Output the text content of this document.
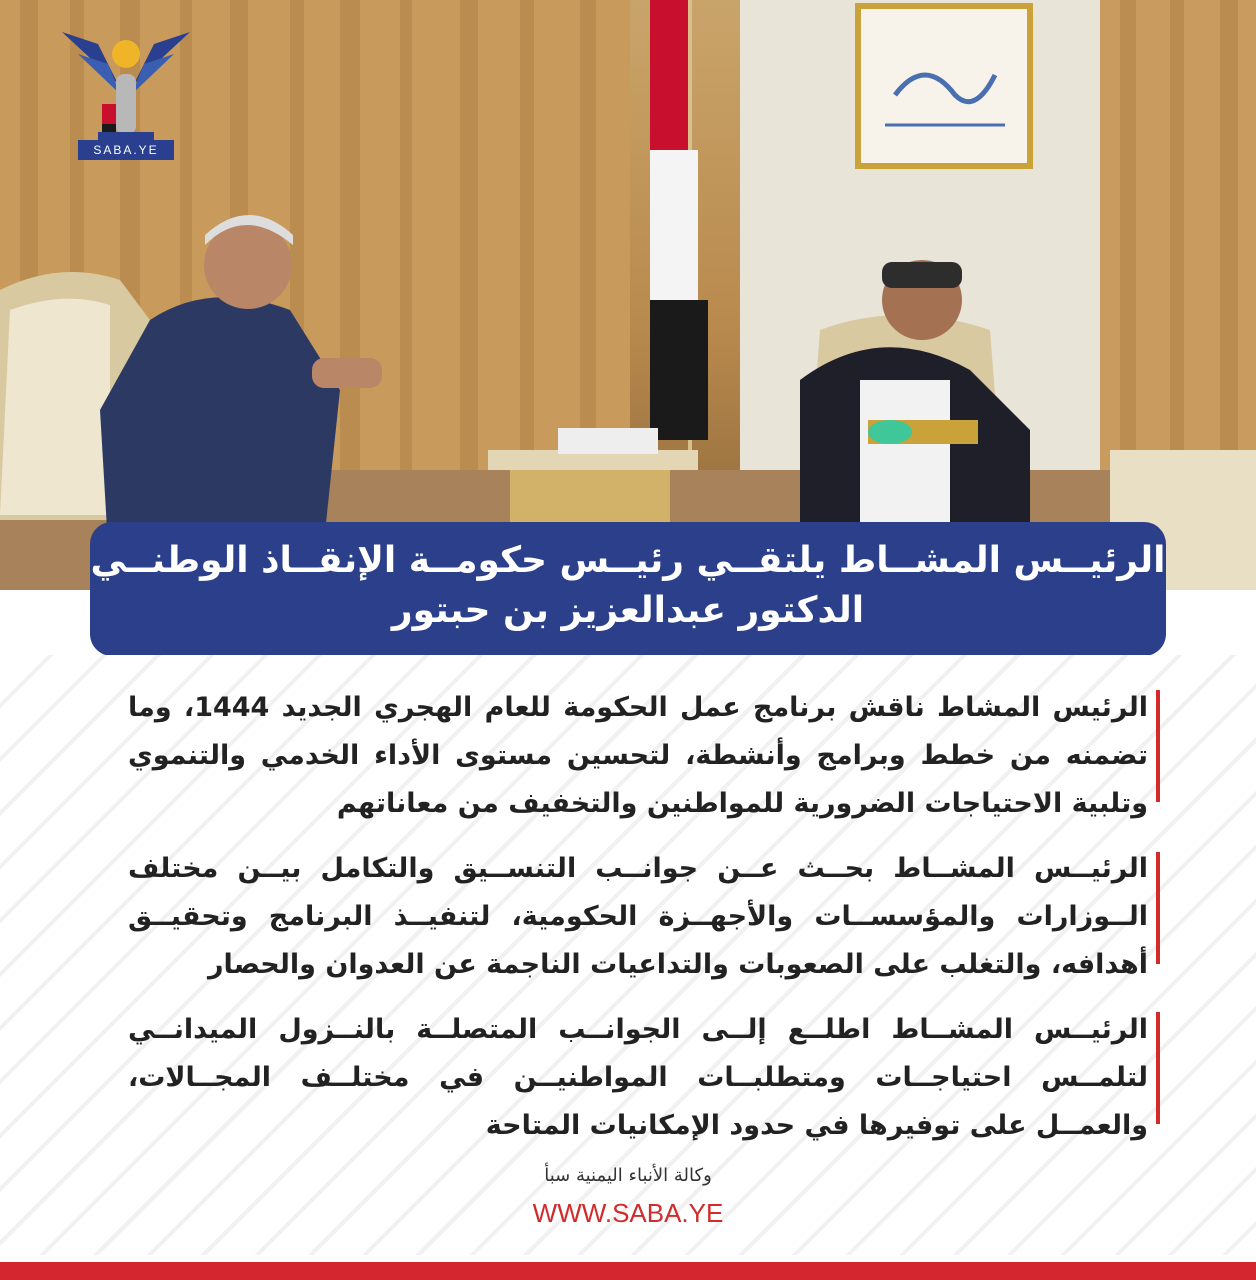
SABA.YE
الرئيــس المشــاط يلتقــي رئيــس حكومــة الإنقــاذ الوطنــي
الدكتور عبدالعزيز بن حبتور
الرئيس المشاط ناقش برنامج عمل الحكومة للعام الهجري الجديد 1444، وما تضمنه من خطط وبرامج وأنشطة، لتحسين مستوى الأداء الخدمي والتنموي وتلبية الاحتياجات الضرورية للمواطنين والتخفيف من معاناتهم
الرئيــس المشــاط بحــث عــن جوانــب التنســيق والتكامل بيــن مختلف الــوزارات والمؤسســات والأجهــزة الحكومية، لتنفيــذ البرنامج وتحقيــق أهدافه، والتغلب على الصعوبات والتداعيات الناجمة عن العدوان والحصار
الرئيــس المشــاط اطلــع إلــى الجوانــب المتصلــة بالنــزول الميدانــي لتلمــس احتياجــات ومتطلبــات المواطنيــن في مختلــف المجــالات، والعمــل على توفيرها في حدود الإمكانيات المتاحة
وكالة الأنباء اليمنية سبأ
WWW.SABA.YE
